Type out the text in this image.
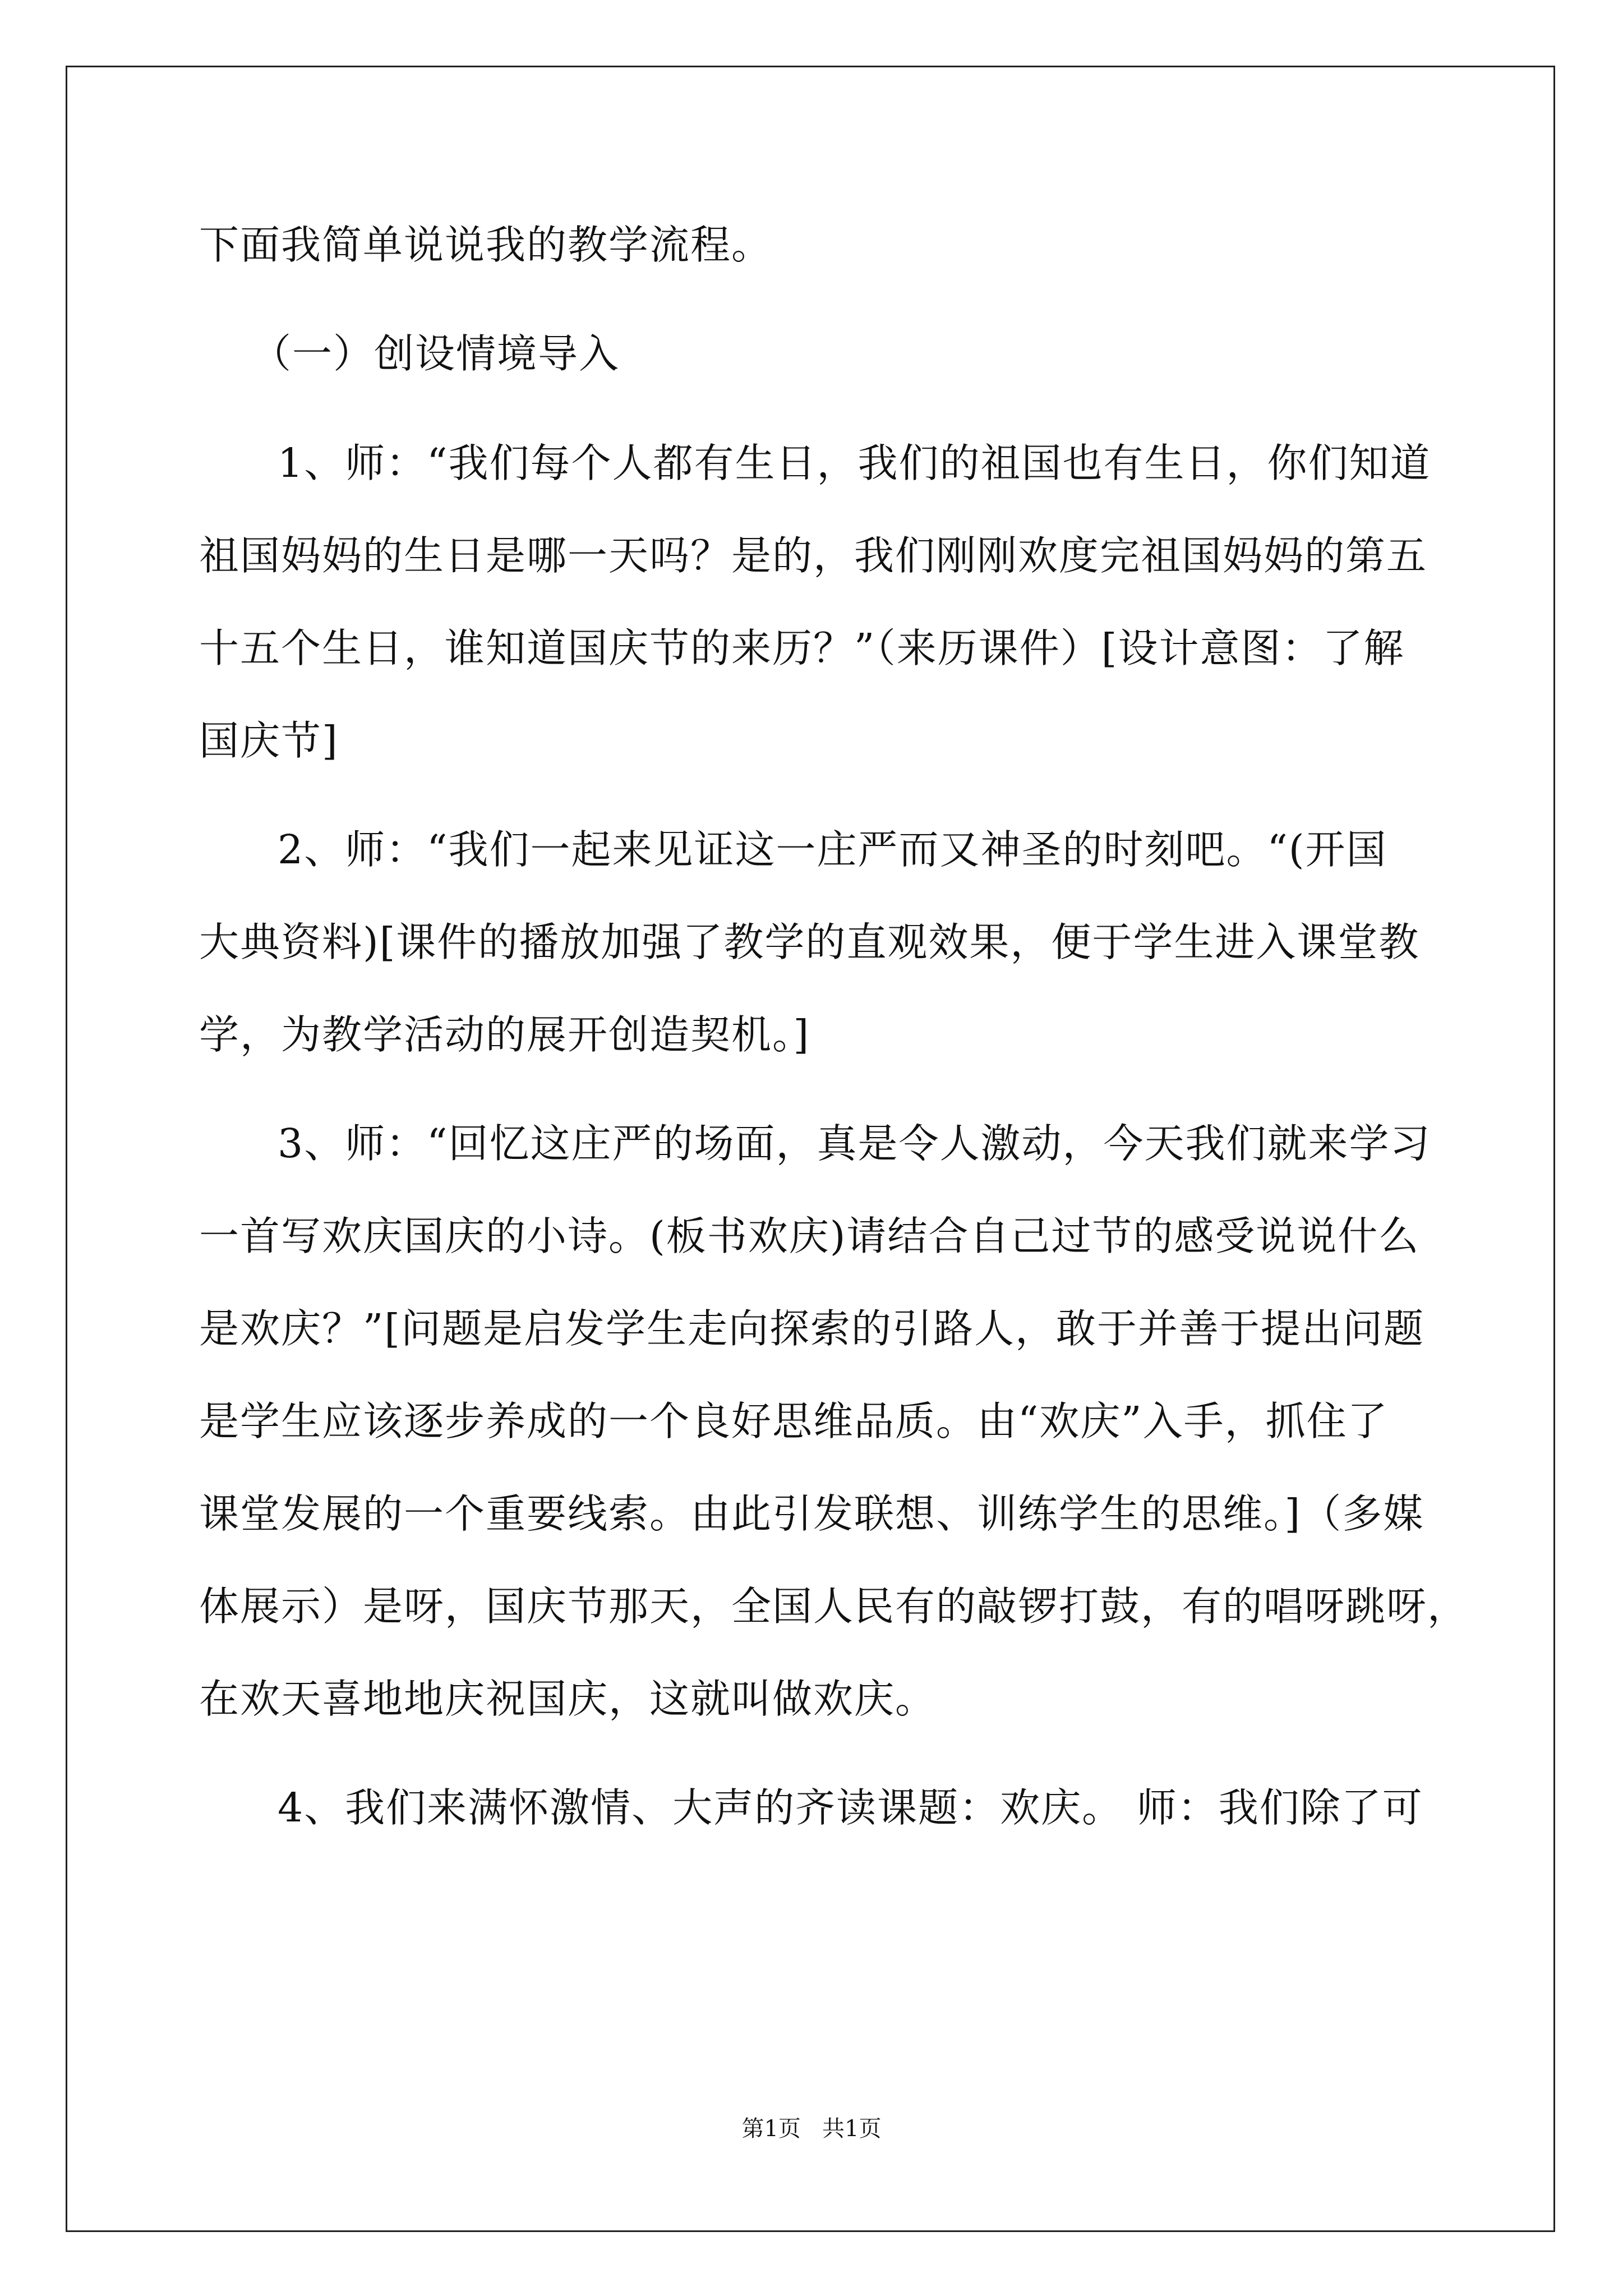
下面我简单说说我的教学流程。
（一）创设情境导入
1、师：“我们每个人都有生日，我们的祖国也有生日，你们知道
祖国妈妈的生日是哪一天吗？是的，我们刚刚欢度完祖国妈妈的第五
十五个生日，谁知道国庆节的来历？”（来历课件）[设计意图：了解
国庆节]
2、师：“我们一起来见证这一庄严而又神圣的时刻吧。“(开国
大典资料)[课件的播放加强了教学的直观效果，便于学生进入课堂教
学，为教学活动的展开创造契机。]
3、师：“回忆这庄严的场面，真是令人激动，今天我们就来学习
一首写欢庆国庆的小诗。(板书欢庆)请结合自己过节的感受说说什么
是欢庆？”[问题是启发学生走向探索的引路人，敢于并善于提出问题
是学生应该逐步养成的一个良好思维品质。由“欢庆”入手，抓住了
课堂发展的一个重要线索。由此引发联想、训练学生的思维。]（多媒
体展示）是呀，国庆节那天，全国人民有的敲锣打鼓，有的唱呀跳呀，
在欢天喜地地庆祝国庆，这就叫做欢庆。
4、我们来满怀激情、大声的齐读课题：欢庆。 师：我们除了可
第1页   共1页
